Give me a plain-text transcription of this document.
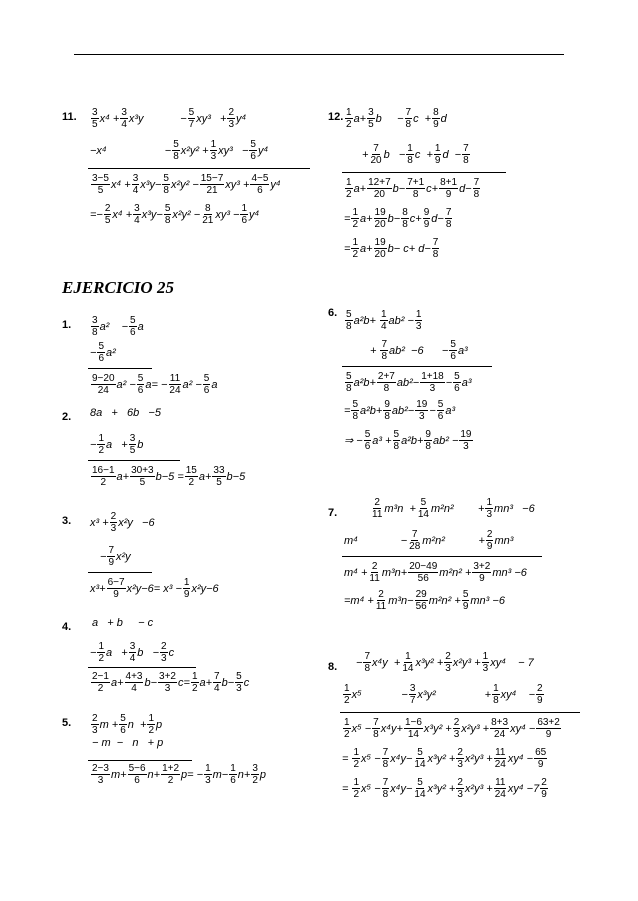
EJERCICIO 25
11. 3
5 $x^4 + \frac{3}{4} x^3y - \frac{5}{7} xy^3 + \frac{2}{3} y^4$
−x⁴                   − $\frac{5}{8} x^2y^2 + \frac{1}{3} xy^3 - \frac{5}{6} y^4$
3−5
5 $x^4 + \frac{3}{4} x^3y- \frac{5}{8} x^2y^2 - \frac{15-7}{21} xy^3 + \frac{4-5}{6} y^4$
=− $\frac{2}{5} x^4 + \frac{3}{4} x^3y- \frac{5}{8} x^2y^2 - \frac{8}{21} xy^3 - \frac{1}{6} y^4$
12. 1
2 $a+ \frac{3}{5}$ b     − $\frac{7}{8}$ $c + \frac{8}{9}$ d
+ $\frac{7}{20}$ $b - \frac{1}{8}$ $c + \frac{1}{9}$ $d - \frac{7}{8}$
1
2 $a+ \frac{12+7}{20} b- \frac{7+1}{8} c+ \frac{8+1}{9} d- \frac{7}{8}$
= $\frac{1}{2} a+ \frac{19}{20} b- \frac{8}{8} c+ \frac{9}{9} d- \frac{7}{8}$
= $\frac{1}{2} a+ \frac{19}{20} b- c+ d- \frac{7}{8}$
1. 3
8 a²    − $\frac{5}{6}$ a
− $\frac{5}{6} a^2$
9−20
24 $a^2 - \frac{5}{6} a= - \frac{11}{24} a^2 - \frac{5}{6}$ a
2. 8a   +   6b   −5
− $\frac{1}{2}$ $a + \frac{3}{5}$ b
16−1
2 $a+ \frac{30+3}{5} b-5 = \frac{15}{2} a+ \frac{33}{5} b-5$
3. $x^3 + \frac{2}{3} x^2y -6$
− $\frac{7}{9} x^2y$
$x^3+ \frac{6-7}{9} x^2y-6= x^3 - \frac{1}{9} x^2y-6$
4. a   + b     − c
− $\frac{1}{2}$ $a + \frac{3}{4}$ $b - \frac{2}{3}$ c
2−1
2 $a+ \frac{4+3}{4} b- \frac{3+2}{3} c= \frac{1}{2} a+ \frac{7}{4} b- \frac{5}{3}$ c
5. 2
3 $m + \frac{5}{6}$ $n + \frac{1}{2}$ p
− m  −   n   + p
2−3
3 $m+ \frac{5-6}{6} n+ \frac{1+2}{2} p= - \frac{1}{3} m- \frac{1}{6} n+ \frac{3}{2}$ p
6. 5
8 $a^2b+ \frac{1}{4} ab^2 - \frac{1}{3}$
+ $\frac{7}{8} ab^2 -6$      − $\frac{5}{6} a^3$
5
8 $a^2b+ \frac{2+7}{8} ab^2- \frac{1+18}{3} - \frac{5}{6} a^3$
= $\frac{5}{8} a^2b+ \frac{9}{8} ab^2- \frac{19}{3} - \frac{5}{6} a^3$
⇒ − $\frac{5}{6} a^3 + \frac{5}{8} a^2b+ \frac{9}{8} ab^2 - \frac{19}{3}$
7.
2
11 $m^3n + \frac{5}{14} m^2n^2$        + $\frac{1}{3} mn^3 -6$
m⁴              − $\frac{7}{28} m^2n^2$           + $\frac{2}{9} mn^3$
$m^4 + \frac{2}{11} m^3n+ \frac{20-49}{56} m^2n^2 + \frac{3+2}{9} mn^3 -6$
$=m^4 + \frac{2}{11} m^3n- \frac{29}{56} m^2n^2 + \frac{5}{9} mn^3 -6$
8. − $\frac{7}{8} x^4y + \frac{1}{14} x^3y^2 + \frac{2}{3} x^2y^3 + \frac{1}{3} xy^4$    − 7
1
2 x⁵             − $\frac{3}{7} x^3y^2$                + $\frac{1}{8} xy^4$    − $\frac{2}{9}$
1
2 $x^5 - \frac{7}{8} x^4y+ \frac{1-6}{14} x^3y^2 + \frac{2}{3} x^2y^3 + \frac{8+3}{24} xy^4 - \frac{63+2}{9}$
= $\frac{1}{2} x^5 - \frac{7}{8} x^4y- \frac{5}{14} x^3y^2 + \frac{2}{3} x^2y^3 + \frac{11}{24} xy^4 - \frac{65}{9}$
= $\frac{1}{2} x^5 - \frac{7}{8} x^4y- \frac{5}{14} x^3y^2 + \frac{2}{3} x^2y^3 + \frac{11}{24} xy^4 -7$ 2
9
